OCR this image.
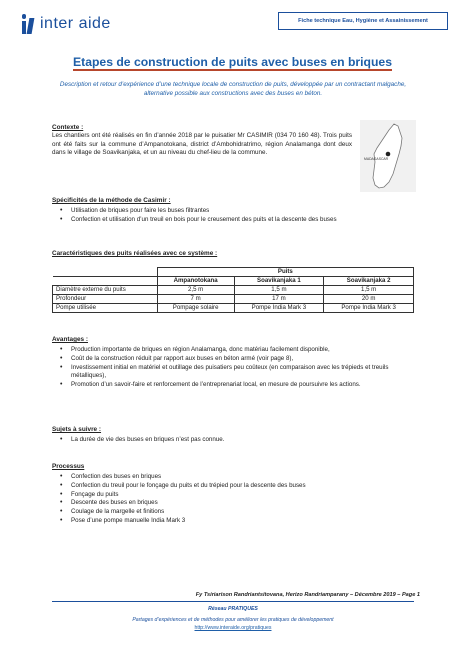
inter aide	Fiche technique Eau, Hygiène et Assainissement
Etapes de construction de puits avec buses en briques
Description et retour d’expérience d’une technique locale de construction de puits, développée par un contractant malgache, alternative possible aux constructions avec des buses en béton.
Contexte :
Les chantiers ont été réalisés en fin d’année 2018 par le puisatier Mr CASIMIR (034 70 160 48). Trois puits ont été faits sur la commune d’Ampanotokana, district d’Ambohidratrimo, région Analamanga dont deux dans le village de Soavikanjaka, et un au niveau du chef-lieu de la commune.
MADAGASCAR
Spécificités de la méthode de Casimir :
• Utilisation de briques pour faire les buses filtrantes
• Confection et utilisation d’un treuil en bois pour le creusement des puits et la descente des buses
Caractéristiques des puits réalisées avec ce système :
	Puits		
	Ampanotokana	Soavikanjaka 1	Soavikanjaka 2
Diamètre externe du puits	2,5 m	1,5 m	1,5 m
Profondeur	7 m	17 m	20 m
Pompe utilisée	Pompage solaire	Pompe India Mark 3	Pompe India Mark 3
Avantages :
• Production importante de briques en région Analamanga, donc matériau facilement disponible,
• Coût de la construction réduit par rapport aux buses en béton armé (voir page 8),
• Investissement initial en matériel et outillage des puisatiers peu coûteux (en comparaison avec les trépieds et treuils métalliques),
• Promotion d’un savoir-faire et renforcement de l’entreprenariat local, en mesure de poursuivre les actions.
Sujets à suivre :
• La durée de vie des buses en briques n’est pas connue.
Processus
• Confection des buses en briques
• Confection du treuil pour le fonçage du puits et du trépied pour la descente des buses
• Fonçage du puits
• Descente des buses en briques
• Coulage de la margelle et finitions
• Pose d’une pompe manuelle India Mark 3
Fy Tsiriarison Randriantsitovana, Herizo Randriamparany – Décembre 2019 – Page 1
Réseau PRATIQUES
Partages d’expériences et de méthodes pour améliorer les pratiques de développement
http://www.interaide.org/pratiques
